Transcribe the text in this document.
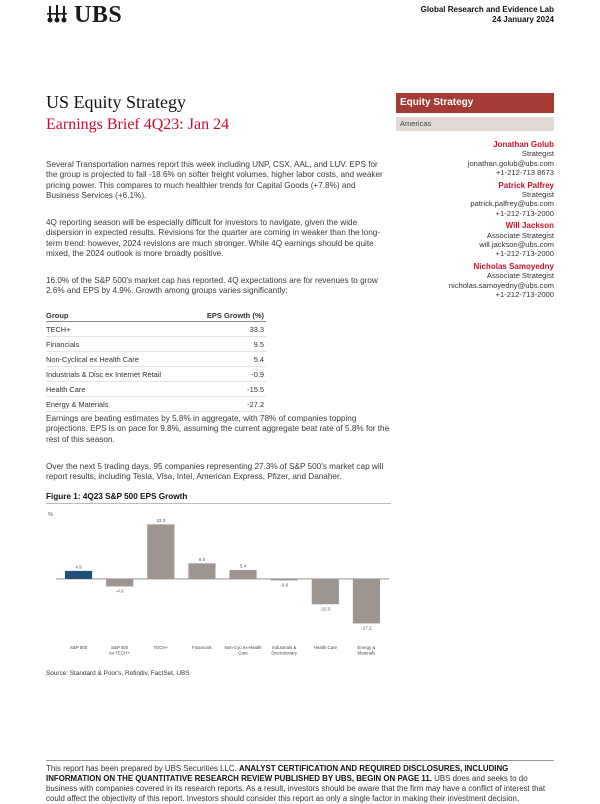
UBS	Global Research and Evidence Lab
24 January 2024
US Equity Strategy
Earnings Brief 4Q23: Jan 24
Equity Strategy
Americas
Jonathan Golub
Strategist
jonathan.golub@ubs.com
+1-212-713 8673
Patrick Palfrey
Strategist
patrick.palfrey@ubs.com
+1-212-713-2000
Will Jackson
Associate Strategist
will.jackson@ubs.com
+1-212-713-2000
Nicholas Samoyedny
Associate Strategist
nicholas.samoyedny@ubs.com
+1-212-713-2000

Several Transportation names report this week including UNP, CSX, AAL, and LUV. EPS for the group is projected to fall -18.6% on softer freight volumes, higher labor costs, and weaker pricing power. This compares to much healthier trends for Capital Goods (+7.8%) and Business Services (+6.1%).

4Q reporting season will be especially difficult for investors to navigate, given the wide dispersion in expected results. Revisions for the quarter are coming in weaker than the long-term trend: however, 2024 revisions are much stronger. While 4Q earnings should be quite mixed, the 2024 outlook is more broadly positive.

16.0% of the S&P 500's market cap has reported. 4Q expectations are for revenues to grow 2.6% and EPS by 4.9%. Growth among groups varies significantly:

Group	EPS Growth (%)
TECH+	33.3
Financials	9.5
Non-Cyclical ex Health Care	5.4
Industrials & Disc ex Internet Retail	-0.9
Health Care	-15.5
Energy & Materials	-27.2

Earnings are beating estimates by 5.8% in aggregate, with 78% of companies topping projections. EPS is on pace for 9.8%, assuming the current aggregate beat rate of 5.8% for the rest of this season.

Over the next 5 trading days, 95 companies representing 27.3% of S&P 500's market cap will report results, including Tesla, Visa, Intel, American Express, Pfizer, and Danaher.

Figure 1: 4Q23 S&P 500 EPS Growth
%
4.9
S&P 500
-4.6
S&P 500
ex-TECH+
33.3
TECH+
9.5
Financials
5.4
Non-Cyc ex-Health
Care
-0.9
Industrials &
Discretionary
-15.5
Health Care
-27.2
Energy &
Materials
Source: Standard & Poor's, Refinitiv, FactSet, UBS
This report has been prepared by UBS Securities LLC. ANALYST CERTIFICATION AND REQUIRED DISCLOSURES, INCLUDING INFORMATION ON THE QUANTITATIVE RESEARCH REVIEW PUBLISHED BY UBS, BEGIN ON PAGE 11. UBS does and seeks to do business with companies covered in its research reports. As a result, investors should be aware that the firm may have a conflict of interest that could affect the objectivity of this report. Investors should consider this report as only a single factor in making their investment decision.
